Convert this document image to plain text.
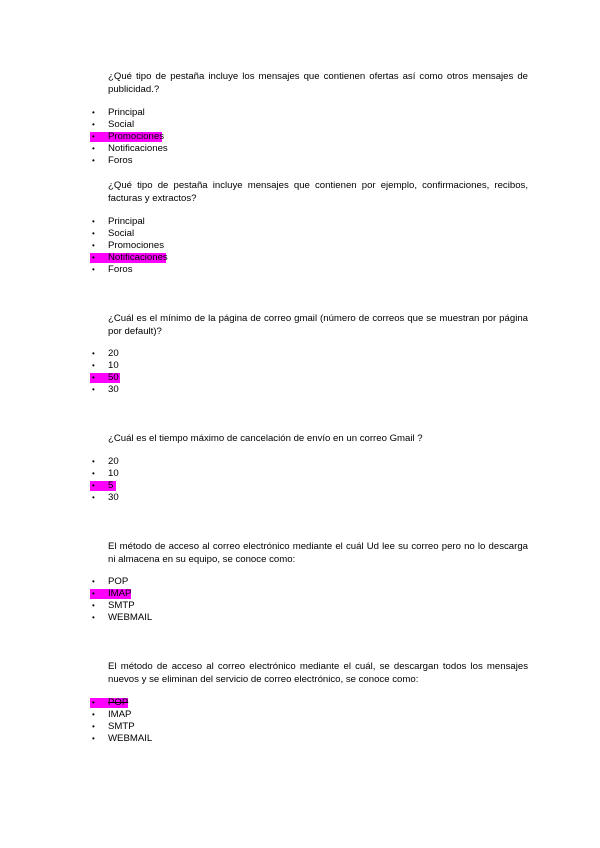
¿Qué tipo de pestaña incluye los mensajes que contienen ofertas así como otros mensajes de publicidad.?

• Principal
• Social
• Promociones
• Notificaciones
• Foros

¿Qué tipo de pestaña incluye mensajes que contienen por ejemplo, confirmaciones, recibos, facturas y extractos?

• Principal
• Social
• Promociones
• Notificaciones
• Foros

¿Cuál es el mínimo de la página de correo gmail (número de correos que se muestran por página por default)?

• 20
• 10
• 50
• 30

¿Cuál es el tiempo máximo de cancelación de envío en un correo Gmail ?

• 20
• 10
• 5
• 30

El método de acceso al correo electrónico mediante el cuál Ud lee su correo pero no lo descarga ni almacena en su equipo, se conoce como:

• POP
• IMAP
• SMTP
• WEBMAIL

El método de acceso al correo electrónico mediante el cuál, se descargan todos los mensajes nuevos y se eliminan del servicio de correo electrónico, se conoce como:

• POP
• IMAP
• SMTP
• WEBMAIL
